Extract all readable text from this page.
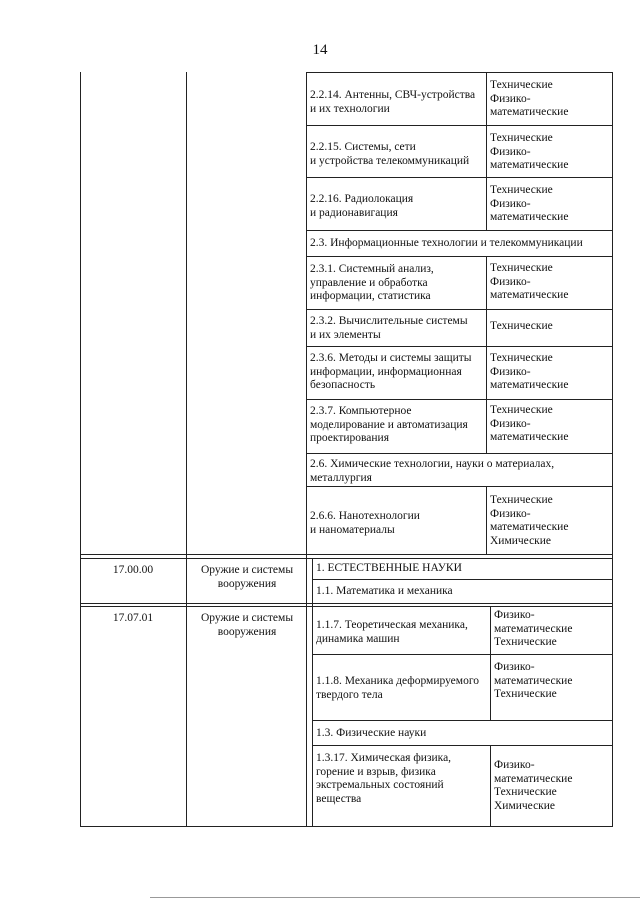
14
2.2.14. Антенны, СВЧ-устройства
и их технологии
Технические
Физико-
математические
2.2.15. Системы, сети
и устройства телекоммуникаций
Технические
Физико-
математические
2.2.16. Радиолокация
и радионавигация
Технические
Физико-
математические
2.3. Информационные технологии и телекоммуникации
2.3.1. Системный анализ,
управление и обработка
информации, статистика
Технические
Физико-
математические
2.3.2. Вычислительные системы
и их элементы
Технические
2.3.6. Методы и системы защиты
информации, информационная
безопасность
Технические
Физико-
математические
2.3.7. Компьютерное
моделирование и автоматизация
проектирования
Технические
Физико-
математические
2.6. Химические технологии, науки о материалах,
металлургия
2.6.6. Нанотехнологии
и наноматериалы
Технические
Физико-
математические
Химические
17.00.00	Оружие и системы
вооружения
1. ЕСТЕСТВЕННЫЕ НАУКИ
1.1. Математика и механика
17.07.01	Оружие и системы
вооружения
1.1.7. Теоретическая механика,
динамика машин
Физико-
математические
Технические
1.1.8. Механика деформируемого
твердого тела
Физико-
математические
Технические
1.3. Физические науки
1.3.17. Химическая физика,
горение и взрыв, физика
экстремальных состояний
вещества
Физико-
математические
Технические
Химические
